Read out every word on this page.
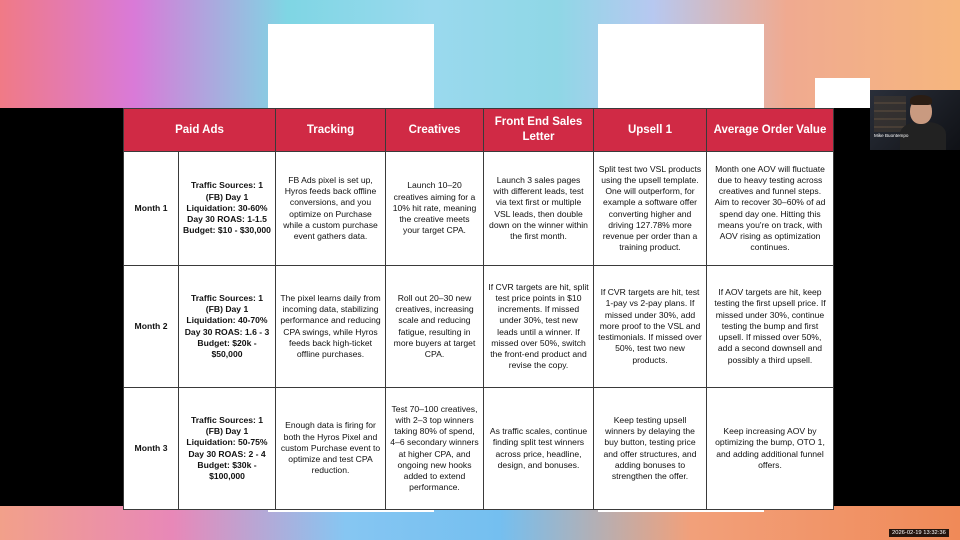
Paid Ads		Tracking	Creatives	Front End Sales Letter	Upsell 1	Average Order Value
Month 1	Traffic Sources: 1 (FB) Day 1 Liquidation: 30-60% Day 30 ROAS: 1-1.5 Budget: $10 - $30,000	FB Ads pixel is set up, Hyros feeds back offline conversions, and you optimize on Purchase while a custom purchase event gathers data.	Launch 10–20 creatives aiming for a 10% hit rate, meaning the creative meets your target CPA.	Launch 3 sales pages with different leads, test via text first or multiple VSL leads, then double down on the winner within the first month.	Split test two VSL products using the upsell template. One will outperform, for example a software offer converting higher and driving 127.78% more revenue per order than a training product.	Month one AOV will fluctuate due to heavy testing across creatives and funnel steps. Aim to recover 30–60% of ad spend day one. Hitting this means you're on track, with AOV rising as optimization continues.
Month 2	Traffic Sources: 1 (FB) Day 1 Liquidation: 40-70% Day 30 ROAS: 1.6 - 3 Budget: $20k - $50,000	The pixel learns daily from incoming data, stabilizing performance and reducing CPA swings, while Hyros feeds back high-ticket offline purchases.	Roll out 20–30 new creatives, increasing scale and reducing fatigue, resulting in more buyers at target CPA.	If CVR targets are hit, split test price points in $10 increments. If missed under 30%, test new leads until a winner. If missed over 50%, switch the front-end product and revise the copy.	If CVR targets are hit, test 1-pay vs 2-pay plans. If missed under 30%, add more proof to the VSL and testimonials. If missed over 50%, test two new products.	If AOV targets are hit, keep testing the first upsell price. If missed under 30%, continue testing the bump and first upsell. If missed over 50%, add a second downsell and possibly a third upsell.
Month 3	Traffic Sources: 1 (FB) Day 1 Liquidation: 50-75% Day 30 ROAS: 2 - 4 Budget: $30k - $100,000	Enough data is firing for both the Hyros Pixel and custom Purchase event to optimize and test CPA reduction.	Test 70–100 creatives, with 2–3 top winners taking 80% of spend, 4–6 secondary winners at higher CPA, and ongoing new hooks added to extend performance.	As traffic scales, continue finding split test winners across price, headline, design, and bonuses.	Keep testing upsell winners by delaying the buy button, testing price and offer structures, and adding bonuses to strengthen the offer.	Keep increasing AOV by optimizing the bump, OTO 1, and adding additional funnel offers.
Mike Buontempo
2026-02-19 13:32:36
